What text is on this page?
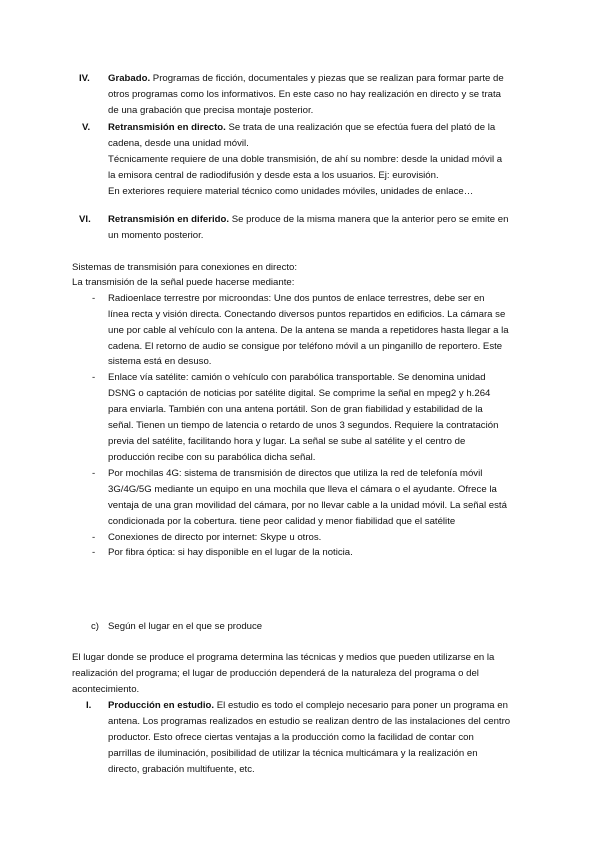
IV. Grabado. Programas de ficción, documentales y piezas que se realizan para formar parte de
otros programas como los informativos. En este caso no hay realización en directo y se trata
de una grabación que precisa montaje posterior.
V. Retransmisión en directo. Se trata de una realización que se efectúa fuera del plató de la
cadena, desde una unidad móvil.
Técnicamente requiere de una doble transmisión, de ahí su nombre: desde la unidad móvil a
la emisora central de radiodifusión y desde esta a los usuarios. Ej: eurovisión.
En exteriores requiere material técnico como unidades móviles, unidades de enlace…
VI. Retransmisión en diferido. Se produce de la misma manera que la anterior pero se emite en
un momento posterior.
Sistemas de transmisión para conexiones en directo:
La transmisión de la señal puede hacerse mediante:
- Radioenlace terrestre por microondas: Une dos puntos de enlace terrestres, debe ser en
línea recta y visión directa. Conectando diversos puntos repartidos en edificios. La cámara se
une por cable al vehículo con la antena. De la antena se manda a repetidores hasta llegar a la
cadena. El retorno de audio se consigue por teléfono móvil a un pinganillo de reportero. Este
sistema está en desuso.
- Enlace vía satélite: camión o vehículo con parabólica transportable. Se denomina unidad
DSNG o captación de noticias por satélite digital. Se comprime la señal en mpeg2 y h.264
para enviarla. También con una antena portátil. Son de gran fiabilidad y estabilidad de la
señal. Tienen un tiempo de latencia o retardo de unos 3 segundos. Requiere la contratación
previa del satélite, facilitando hora y lugar. La señal se sube al satélite y el centro de
producción recibe con su parabólica dicha señal.
- Por mochilas 4G: sistema de transmisión de directos que utiliza la red de telefonía móvil
3G/4G/5G mediante un equipo en una mochila que lleva el cámara o el ayudante. Ofrece la
ventaja de una gran movilidad del cámara, por no llevar cable a la unidad móvil. La señal está
condicionada por la cobertura. tiene peor calidad y menor fiabilidad que el satélite
- Conexiones de directo por internet: Skype u otros.
- Por fibra óptica: si hay disponible en el lugar de la noticia.
c) Según el lugar en el que se produce
El lugar donde se produce el programa determina las técnicas y medios que pueden utilizarse en la
realización del programa; el lugar de producción dependerá de la naturaleza del programa o del
acontecimiento.
I. Producción en estudio. El estudio es todo el complejo necesario para poner un programa en
antena. Los programas realizados en estudio se realizan dentro de las instalaciones del centro
productor. Esto ofrece ciertas ventajas a la producción como la facilidad de contar con
parrillas de iluminación, posibilidad de utilizar la técnica multicámara y la realización en
directo, grabación multifuente, etc.
